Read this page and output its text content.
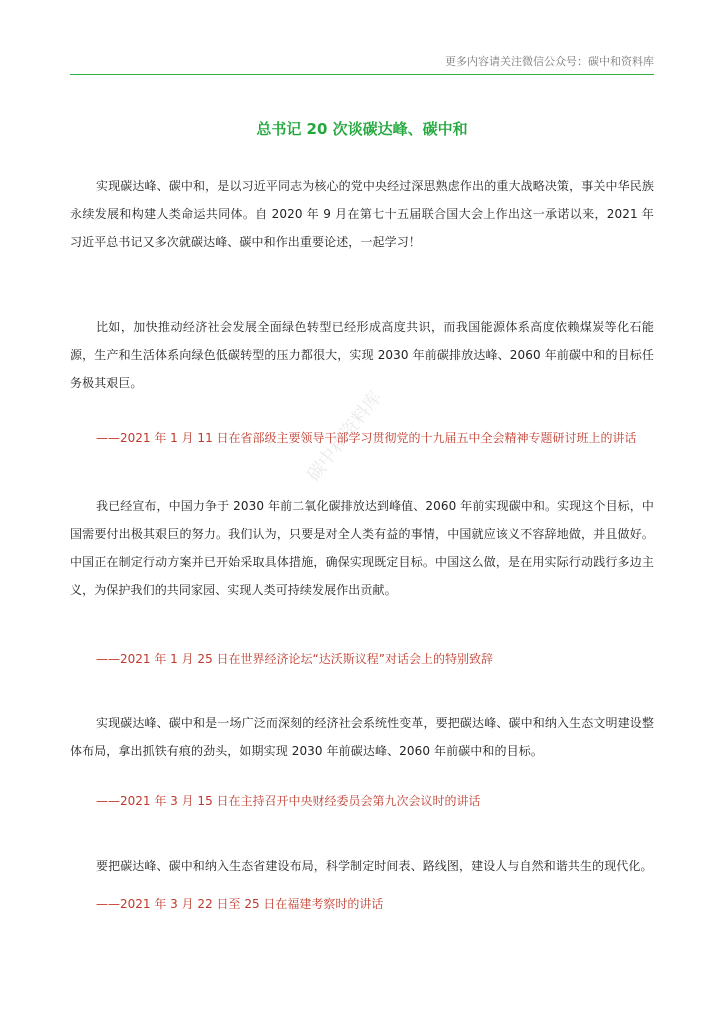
更多内容请关注微信公众号：碳中和资料库
总书记 20 次谈碳达峰、碳中和

实现碳达峰、碳中和，是以习近平同志为核心的党中央经过深思熟虑作出的重大战略决策，事关中华民族永续发展和构建人类命运共同体。自 2020 年 9 月在第七十五届联合国大会上作出这一承诺以来，2021 年习近平总书记又多次就碳达峰、碳中和作出重要论述，一起学习！

比如，加快推动经济社会发展全面绿色转型已经形成高度共识，而我国能源体系高度依赖煤炭等化石能源，生产和生活体系向绿色低碳转型的压力都很大，实现 2030 年前碳排放达峰、2060 年前碳中和的目标任务极其艰巨。

——2021 年 1 月 11 日在省部级主要领导干部学习贯彻党的十九届五中全会精神专题研讨班上的讲话

我已经宣布，中国力争于 2030 年前二氧化碳排放达到峰值、2060 年前实现碳中和。实现这个目标，中国需要付出极其艰巨的努力。我们认为，只要是对全人类有益的事情，中国就应该义不容辞地做，并且做好。中国正在制定行动方案并已开始采取具体措施，确保实现既定目标。中国这么做，是在用实际行动践行多边主义，为保护我们的共同家园、实现人类可持续发展作出贡献。

——2021 年 1 月 25 日在世界经济论坛“达沃斯议程”对话会上的特别致辞

实现碳达峰、碳中和是一场广泛而深刻的经济社会系统性变革，要把碳达峰、碳中和纳入生态文明建设整体布局，拿出抓铁有痕的劲头，如期实现 2030 年前碳达峰、2060 年前碳中和的目标。

——2021 年 3 月 15 日在主持召开中央财经委员会第九次会议时的讲话

要把碳达峰、碳中和纳入生态省建设布局，科学制定时间表、路线图，建设人与自然和谐共生的现代化。

——2021 年 3 月 22 日至 25 日在福建考察时的讲话

碳中和资料库
